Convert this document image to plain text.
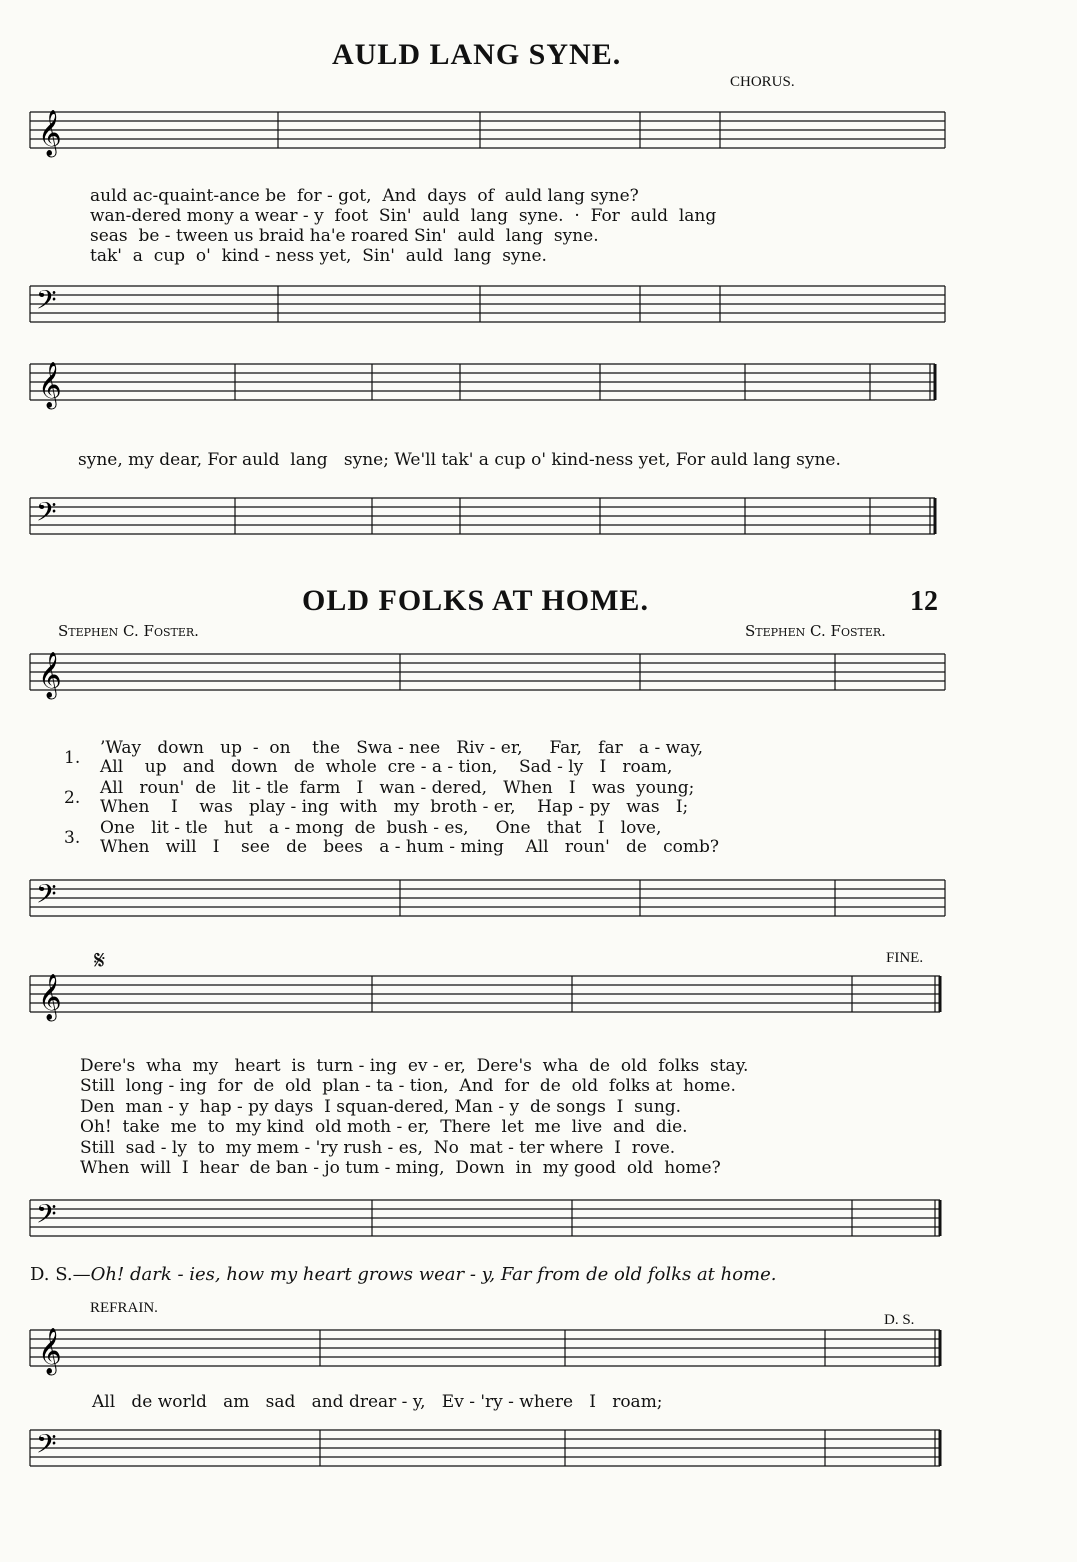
AULD LANG SYNE.
CHORUS.
𝄞
auld ac-quaint-ance be  for - got,  And  days  of  auld lang syne?
wan-dered mony a wear - y  foot  Sin'  auld  lang  syne.  ·  For  auld  lang
seas  be - tween us braid ha'e roared Sin'  auld  lang  syne.
tak'  a  cup  o'  kind - ness yet,  Sin'  auld  lang  syne.
𝄢
𝄞
syne, my dear, For auld  lang   syne; We'll tak' a cup o' kind-ness yet, For auld lang syne.
𝄢
OLD FOLKS AT HOME.	12
Stephen C. Foster.	Stephen C. Foster.
𝄞
1.
2.
3.
’Way   down   up  -  on    the   Swa - nee   Riv - er,     Far,   far   a - way,
All    up   and   down   de  whole  cre - a - tion,    Sad - ly   I   roam,
All   roun'  de   lit - tle  farm   I   wan - dered,   When   I   was  young;
When    I    was   play - ing  with   my  broth - er,    Hap - py   was   I;
One   lit - tle   hut   a - mong  de  bush - es,     One   that   I   love,
When   will   I    see   de   bees   a - hum - ming    All   roun'   de   comb?
𝄢
𝄋	FINE.
𝄞
Dere's  wha  my   heart  is  turn - ing  ev - er,  Dere's  wha  de  old  folks  stay.
Still  long - ing  for  de  old  plan - ta - tion,  And  for  de  old  folks at  home.
Den  man - y  hap - py days  I squan-dered, Man - y  de songs  I  sung.
Oh!  take  me  to  my kind  old moth - er,  There  let  me  live  and  die.
Still  sad - ly  to  my mem - 'ry rush - es,  No  mat - ter where  I  rove.
When  will  I  hear  de ban - jo tum - ming,  Down  in  my good  old  home?
𝄢
D. S.—Oh! dark - ies, how my heart grows wear - y, Far from de old folks at home.
REFRAIN.
D. S.
𝄞
All   de world   am   sad   and drear - y,   Ev - 'ry - where   I   roam;
𝄢
